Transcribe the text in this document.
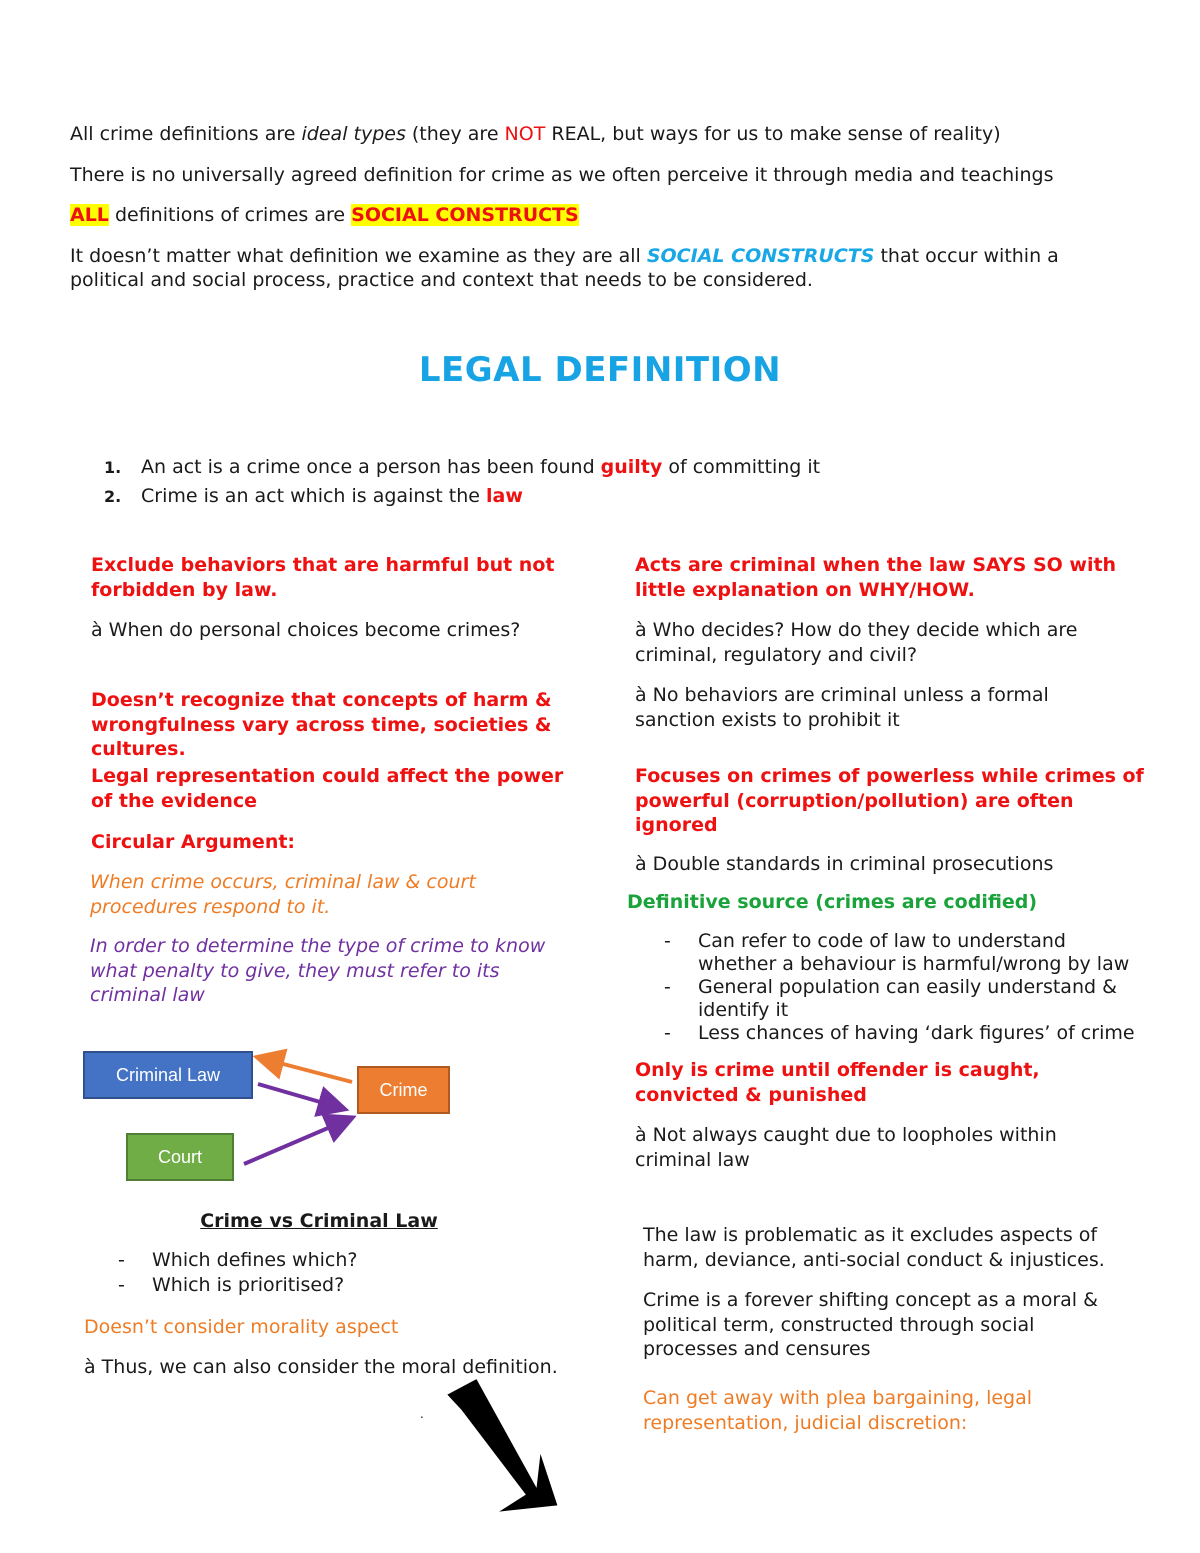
All crime definitions are ideal types (they are NOT REAL, but ways for us to make sense of reality)
There is no universally agreed definition for crime as we often perceive it through media and teachings
ALL definitions of crimes are SOCIAL CONSTRUCTS
It doesn’t matter what definition we examine as they are all SOCIAL CONSTRUCTS that occur within a
political and social process, practice and context that needs to be considered.
LEGAL DEFINITION
1. An act is a crime once a person has been found guilty of committing it
2. Crime is an act which is against the law
Exclude behaviors that are harmful but not forbidden by law.
à When do personal choices become crimes?
Doesn’t recognize that concepts of harm & wrongfulness vary across time, societies & cultures.
Legal representation could affect the power of the evidence
Circular Argument:
When crime occurs, criminal law & court procedures respond to it.
In order to determine the type of crime to know what penalty to give, they must refer to its criminal law
Criminal Law
Crime
Court
Crime vs Criminal Law
- Which defines which?
- Which is prioritised?
Doesn’t consider morality aspect
à Thus, we can also consider the moral definition.
.
Acts are criminal when the law SAYS SO with little explanation on WHY/HOW.
à Who decides? How do they decide which are criminal, regulatory and civil?
à No behaviors are criminal unless a formal sanction exists to prohibit it
Focuses on crimes of powerless while crimes of powerful (corruption/pollution) are often ignored
à Double standards in criminal prosecutions
Definitive source (crimes are codified)
- Can refer to code of law to understand
whether a behaviour is harmful/wrong by law
- General population can easily understand &
identify it
- Less chances of having ‘dark figures’ of crime
Only is crime until offender is caught, convicted & punished
à Not always caught due to loopholes within criminal law
The law is problematic as it excludes aspects of harm, deviance, anti-social conduct & injustices.
Crime is a forever shifting concept as a moral & political term, constructed through social processes and censures
Can get away with plea bargaining, legal representation, judicial discretion:
